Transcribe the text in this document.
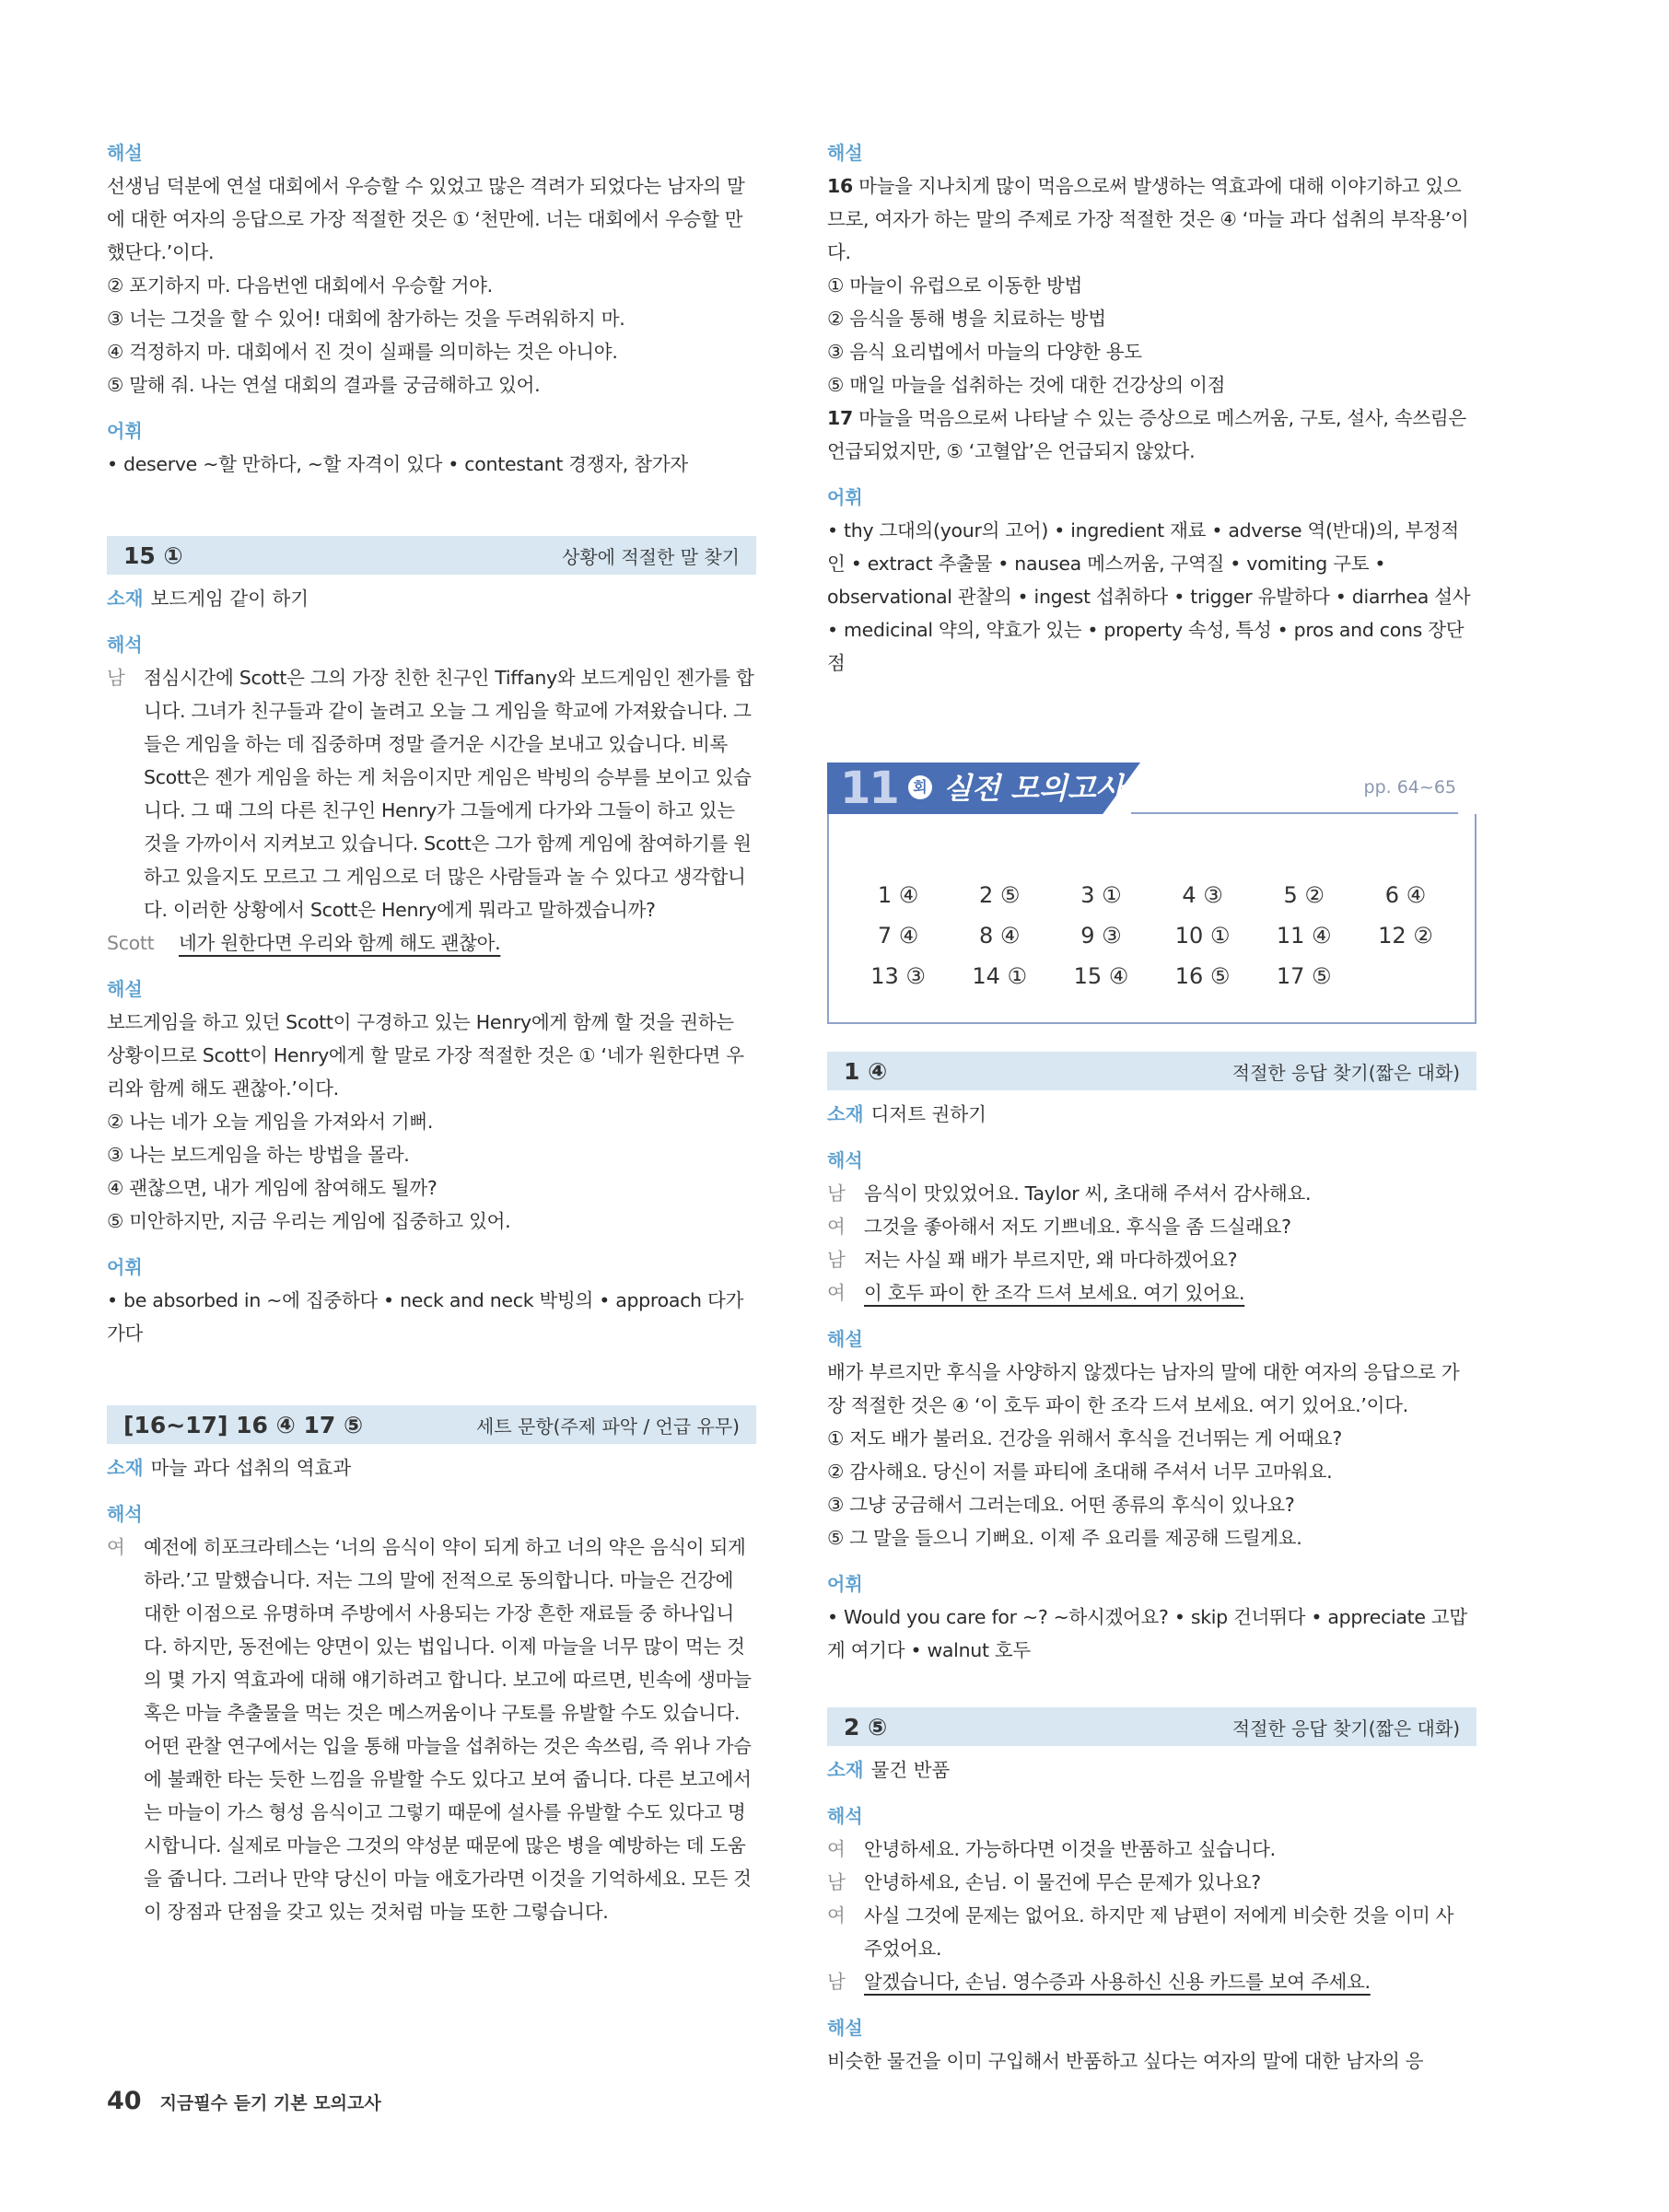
해설

선생님 덕분에 연설 대회에서 우승할 수 있었고 많은 격려가 되었다는 남자의 말에 대한 여자의 응답으로 가장 적절한 것은 ① ‘천만에. 너는 대회에서 우승할 만했단다.’이다.

② 포기하지 마. 다음번엔 대회에서 우승할 거야.

③ 너는 그것을 할 수 있어! 대회에 참가하는 것을 두려워하지 마.

④ 걱정하지 마. 대회에서 진 것이 실패를 의미하는 것은 아니야.

⑤ 말해 줘. 나는 연설 대회의 결과를 궁금해하고 있어.

어휘

• deserve ~할 만하다, ~할 자격이 있다 • contestant 경쟁자, 참가자

15 ①	상황에 적절한 말 찾기

소재 보드게임 같이 하기

해석

남 점심시간에 Scott은 그의 가장 친한 친구인 Tiffany와 보드게임인 젠가를 합니다. 그녀가 친구들과 같이 놀려고 오늘 그 게임을 학교에 가져왔습니다. 그들은 게임을 하는 데 집중하며 정말 즐거운 시간을 보내고 있습니다. 비록 Scott은 젠가 게임을 하는 게 처음이지만 게임은 박빙의 승부를 보이고 있습니다. 그 때 그의 다른 친구인 Henry가 그들에게 다가와 그들이 하고 있는 것을 가까이서 지켜보고 있습니다. Scott은 그가 함께 게임에 참여하기를 원하고 있을지도 모르고 그 게임으로 더 많은 사람들과 놀 수 있다고 생각합니다. 이러한 상황에서 Scott은 Henry에게 뭐라고 말하겠습니까?
Scott	네가 원한다면 우리와 함께 해도 괜찮아.

해설

보드게임을 하고 있던 Scott이 구경하고 있는 Henry에게 함께 할 것을 권하는 상황이므로 Scott이 Henry에게 할 말로 가장 적절한 것은 ① ‘네가 원한다면 우리와 함께 해도 괜찮아.’이다.

② 나는 네가 오늘 게임을 가져와서 기뻐.

③ 나는 보드게임을 하는 방법을 몰라.

④ 괜찮으면, 내가 게임에 참여해도 될까?

⑤ 미안하지만, 지금 우리는 게임에 집중하고 있어.

어휘

• be absorbed in ~에 집중하다 • neck and neck 박빙의 • approach 다가가다

[16~17] 16 ④ 17 ⑤	세트 문항(주제 파악 / 언급 유무)

소재 마늘 과다 섭취의 역효과

해석

여 예전에 히포크라테스는 ‘너의 음식이 약이 되게 하고 너의 약은 음식이 되게 하라.’고 말했습니다. 저는 그의 말에 전적으로 동의합니다. 마늘은 건강에 대한 이점으로 유명하며 주방에서 사용되는 가장 흔한 재료들 중 하나입니다. 하지만, 동전에는 양면이 있는 법입니다. 이제 마늘을 너무 많이 먹는 것의 몇 가지 역효과에 대해 얘기하려고 합니다. 보고에 따르면, 빈속에 생마늘 혹은 마늘 추출물을 먹는 것은 메스꺼움이나 구토를 유발할 수도 있습니다. 어떤 관찰 연구에서는 입을 통해 마늘을 섭취하는 것은 속쓰림, 즉 위나 가슴에 불쾌한 타는 듯한 느낌을 유발할 수도 있다고 보여 줍니다. 다른 보고에서는 마늘이 가스 형성 음식이고 그렇기 때문에 설사를 유발할 수도 있다고 명시합니다. 실제로 마늘은 그것의 약성분 때문에 많은 병을 예방하는 데 도움을 줍니다. 그러나 만약 당신이 마늘 애호가라면 이것을 기억하세요. 모든 것이 장점과 단점을 갖고 있는 것처럼 마늘 또한 그렇습니다.

해설

16 마늘을 지나치게 많이 먹음으로써 발생하는 역효과에 대해 이야기하고 있으므로, 여자가 하는 말의 주제로 가장 적절한 것은 ④ ‘마늘 과다 섭취의 부작용’이다.

① 마늘이 유럽으로 이동한 방법

② 음식을 통해 병을 치료하는 방법

③ 음식 요리법에서 마늘의 다양한 용도

⑤ 매일 마늘을 섭취하는 것에 대한 건강상의 이점

17 마늘을 먹음으로써 나타날 수 있는 증상으로 메스꺼움, 구토, 설사, 속쓰림은 언급되었지만, ⑤ ‘고혈압’은 언급되지 않았다.

어휘

• thy 그대의(your의 고어) • ingredient 재료 • adverse 역(반대)의, 부정적인 • extract 추출물 • nausea 메스꺼움, 구역질 • vomiting 구토 • observational 관찰의 • ingest 섭취하다 • trigger 유발하다 • diarrhea 설사 • medicinal 약의, 약효가 있는 • property 속성, 특성 • pros and cons 장단점

11	회 실전 모의고사	pp. 64~65
1 ④	2 ⑤	3 ①	4 ③	5 ②	6 ④
7 ④	8 ④	9 ③	10 ①	11 ④	12 ②
13 ③	14 ①	15 ④	16 ⑤	17 ⑤
1 ④	적절한 응답 찾기(짧은 대화)

소재 디저트 권하기

해석

남 음식이 맛있었어요. Taylor 씨, 초대해 주셔서 감사해요.
여 그것을 좋아해서 저도 기쁘네요. 후식을 좀 드실래요?
남 저는 사실 꽤 배가 부르지만, 왜 마다하겠어요?
여 이 호두 파이 한 조각 드셔 보세요. 여기 있어요.

해설

배가 부르지만 후식을 사양하지 않겠다는 남자의 말에 대한 여자의 응답으로 가장 적절한 것은 ④ ‘이 호두 파이 한 조각 드셔 보세요. 여기 있어요.’이다.

① 저도 배가 불러요. 건강을 위해서 후식을 건너뛰는 게 어때요?

② 감사해요. 당신이 저를 파티에 초대해 주셔서 너무 고마워요.

③ 그냥 궁금해서 그러는데요. 어떤 종류의 후식이 있나요?

⑤ 그 말을 들으니 기뻐요. 이제 주 요리를 제공해 드릴게요.

어휘

• Would you care for ~? ~하시겠어요? • skip 건너뛰다 • appreciate 고맙게 여기다 • walnut 호두

2 ⑤	적절한 응답 찾기(짧은 대화)

소재 물건 반품

해석

여 안녕하세요. 가능하다면 이것을 반품하고 싶습니다.
남 안녕하세요, 손님. 이 물건에 무슨 문제가 있나요?
여 사실 그것에 문제는 없어요. 하지만 제 남편이 저에게 비슷한 것을 이미 사 주었어요.
남 알겠습니다, 손님. 영수증과 사용하신 신용 카드를 보여 주세요.

해설

비슷한 물건을 이미 구입해서 반품하고 싶다는 여자의 말에 대한 남자의 응

40 지금필수 듣기 기본 모의고사
